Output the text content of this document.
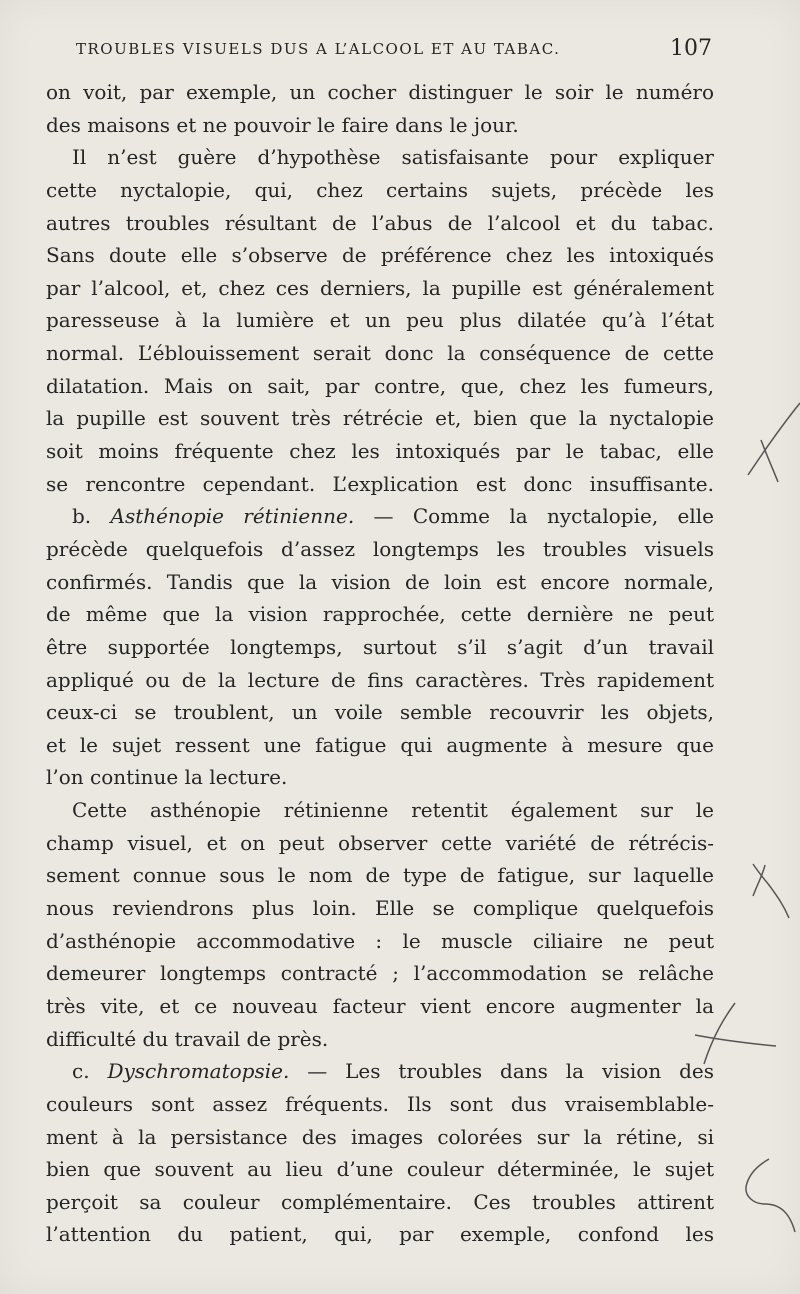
TROUBLES VISUELS DUS A L’ALCOOL ET AU TABAC.	107
on voit, par exemple, un cocher distinguer le soir le numéro
des maisons et ne pouvoir le faire dans le jour.
Il n’est guère d’hypothèse satisfaisante pour expliquer
cette nyctalopie, qui, chez certains sujets, précède les
autres troubles résultant de l’abus de l’alcool et du tabac.
Sans doute elle s’observe de préférence chez les intoxiqués
par l’alcool, et, chez ces derniers, la pupille est généralement
paresseuse à la lumière et un peu plus dilatée qu’à l’état
normal. L’éblouissement serait donc la conséquence de cette
dilatation. Mais on sait, par contre, que, chez les fumeurs,
la pupille est souvent très rétrécie et, bien que la nyctalopie
soit moins fréquente chez les intoxiqués par le tabac, elle
se rencontre cependant. L’explication est donc insuffisante.
b. Asthénopie rétinienne. — Comme la nyctalopie, elle
précède quelquefois d’assez longtemps les troubles visuels
confirmés. Tandis que la vision de loin est encore normale,
de même que la vision rapprochée, cette dernière ne peut
être supportée longtemps, surtout s’il s’agit d’un travail
appliqué ou de la lecture de fins caractères. Très rapidement
ceux-ci se troublent, un voile semble recouvrir les objets,
et le sujet ressent une fatigue qui augmente à mesure que
l’on continue la lecture.
Cette asthénopie rétinienne retentit également sur le
champ visuel, et on peut observer cette variété de rétrécis-
sement connue sous le nom de type de fatigue, sur laquelle
nous reviendrons plus loin. Elle se complique quelquefois
d’asthénopie accommodative : le muscle ciliaire ne peut
demeurer longtemps contracté ; l’accommodation se relâche
très vite, et ce nouveau facteur vient encore augmenter la
difficulté du travail de près.
c. Dyschromatopsie. — Les troubles dans la vision des
couleurs sont assez fréquents. Ils sont dus vraisemblable-
ment à la persistance des images colorées sur la rétine, si
bien que souvent au lieu d’une couleur déterminée, le sujet
perçoit sa couleur complémentaire. Ces troubles attirent
l’attention du patient, qui, par exemple, confond les
